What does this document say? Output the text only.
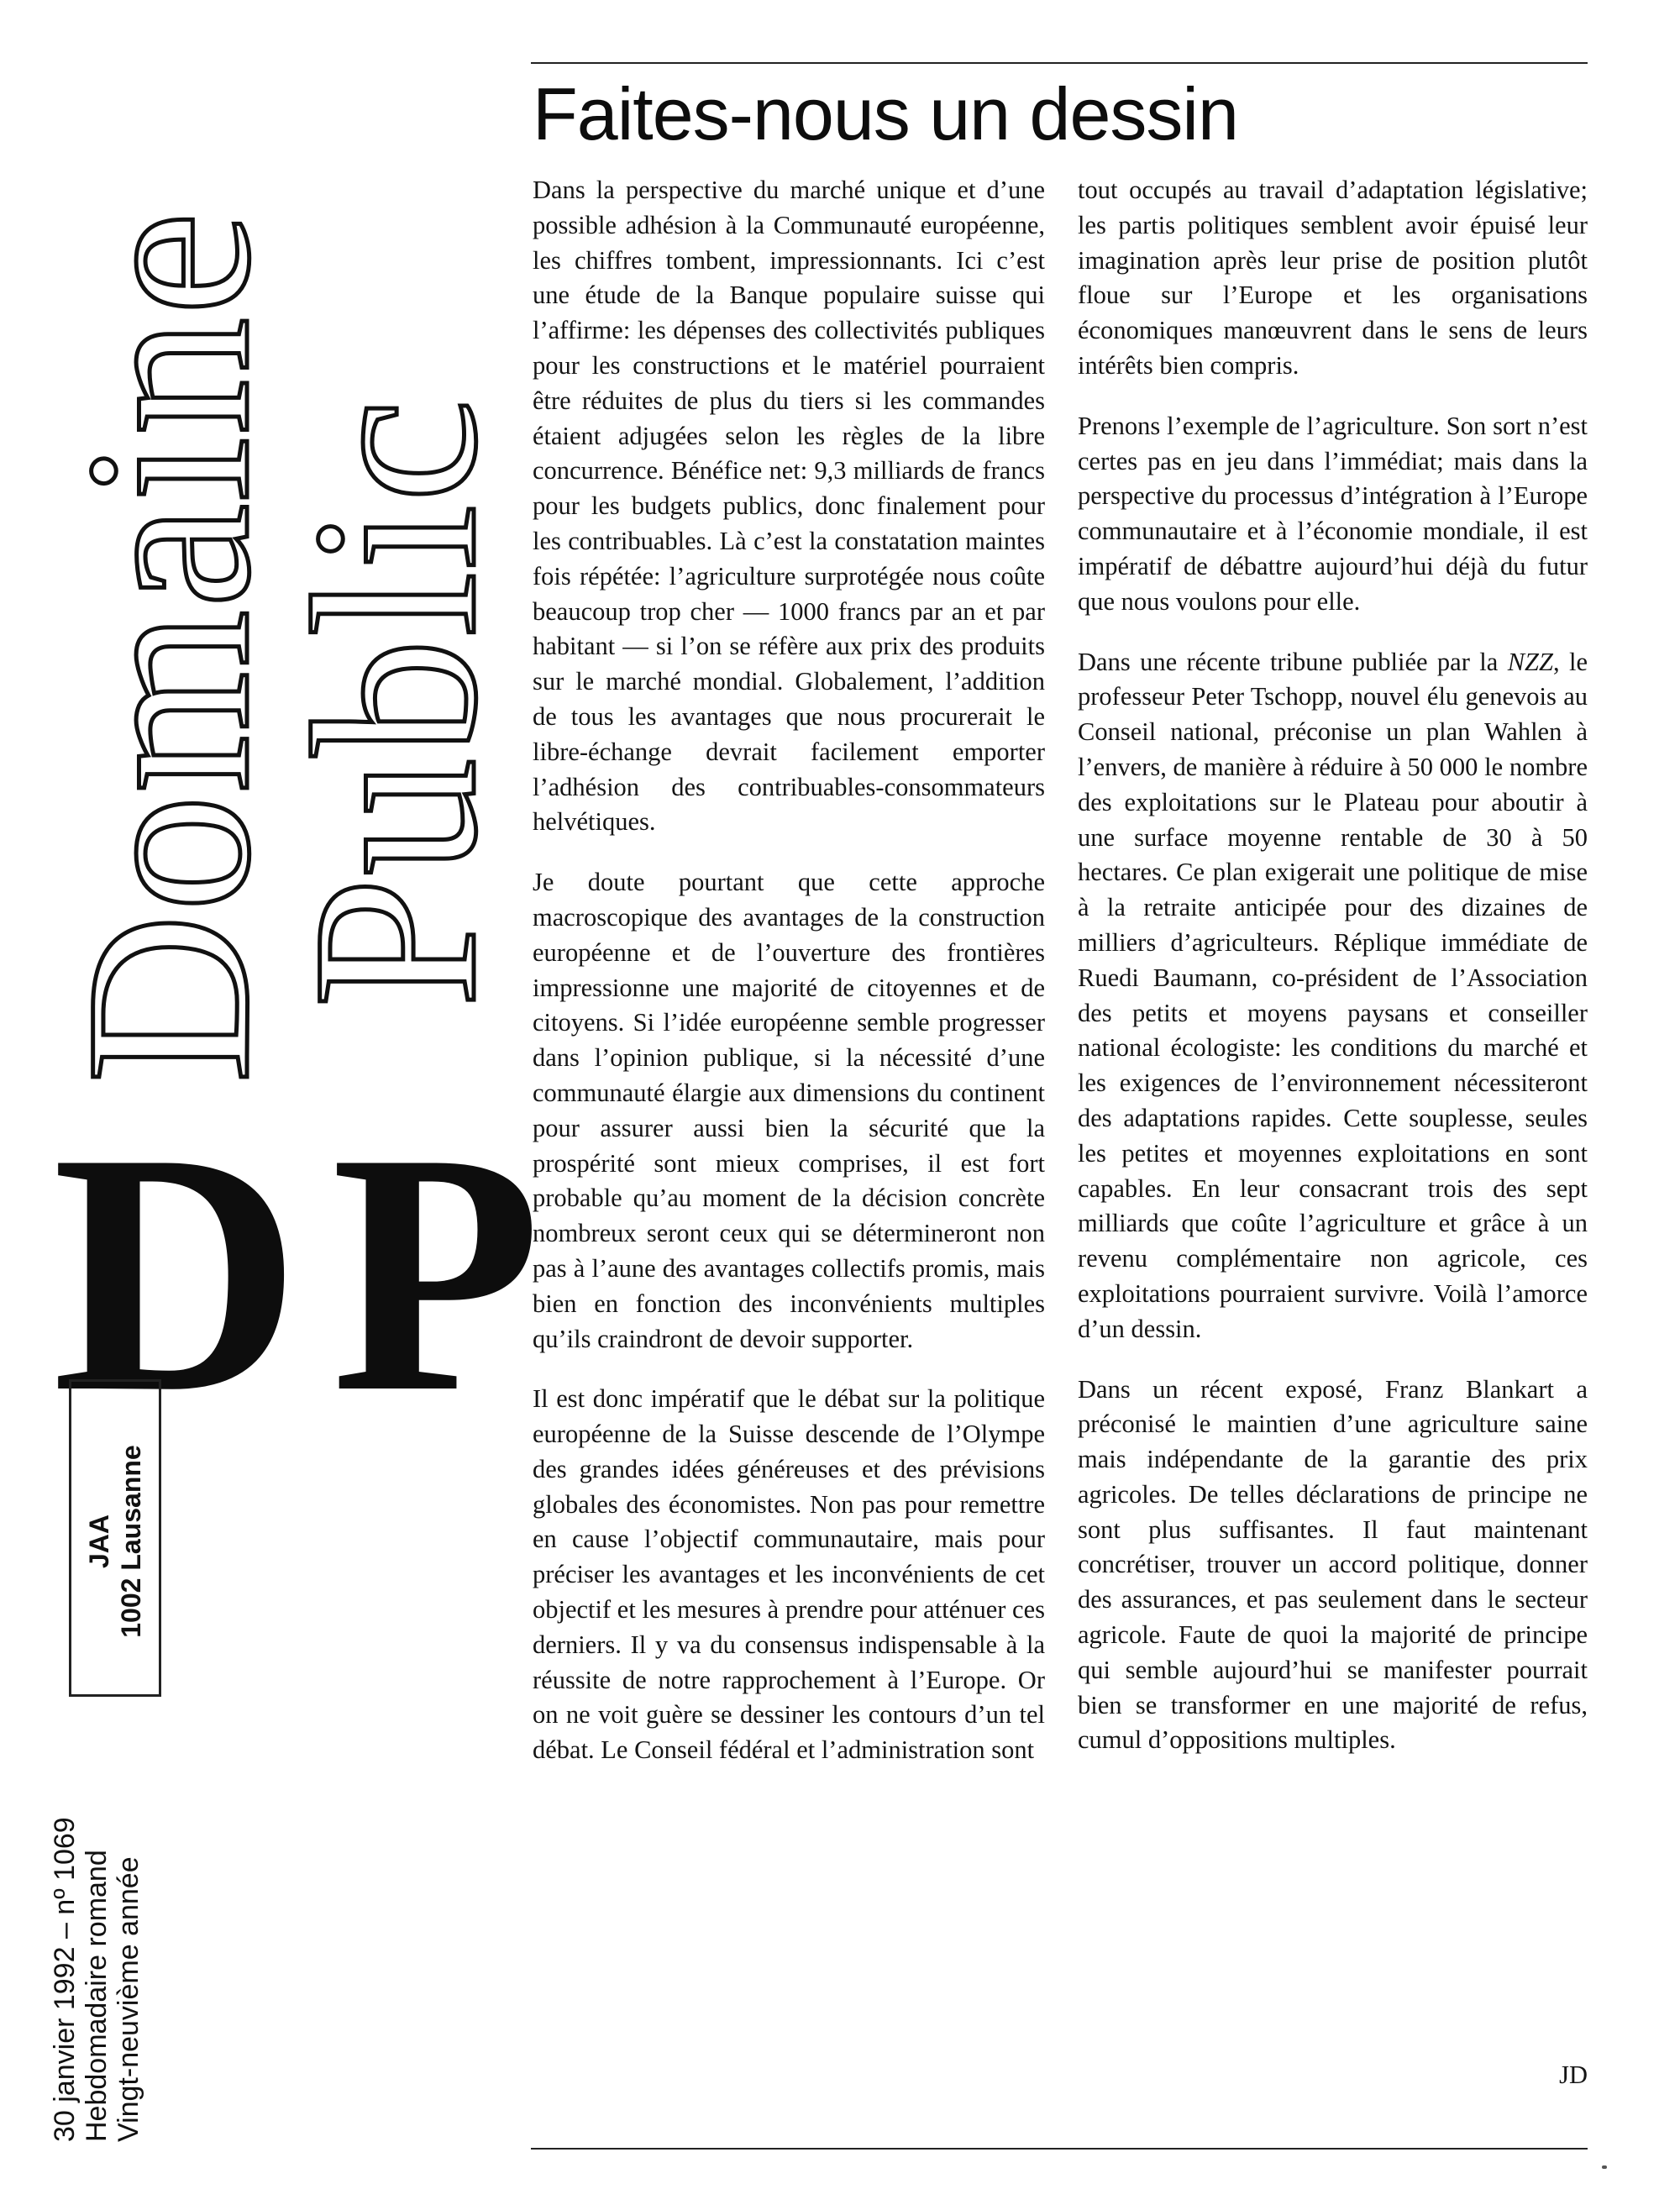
Domaine
Public
DP
JAA 1002 Lausanne
30 janvier 1992 – nº 1069 Hebdomadaire romand Vingt-neuvième année
Faites-nous un dessin

Dans la perspective du marché unique et d’une possible adhésion à la Communauté européenne, les chiffres tombent, impressionnants. Ici c’est une étude de la Banque populaire suisse qui l’affirme: les dépenses des collectivités publiques pour les constructions et le matériel pourraient être réduites de plus du tiers si les commandes étaient adjugées selon les règles de la libre concurrence. Bénéfice net: 9,3 milliards de francs pour les budgets publics, donc finalement pour les contribuables. Là c’est la constatation maintes fois répétée: l’agriculture surprotégée nous coûte beaucoup trop cher — 1000 francs par an et par habitant — si l’on se réfère aux prix des produits sur le marché mondial. Globalement, l’addition de tous les avantages que nous procurerait le libre-échange devrait facilement emporter l’adhésion des contribuables-consommateurs helvétiques.

Je doute pourtant que cette approche macroscopique des avantages de la construction européenne et de l’ouverture des frontières impressionne une majorité de citoyennes et de citoyens. Si l’idée européenne semble progresser dans l’opinion publique, si la nécessité d’une communauté élargie aux dimensions du continent pour assurer aussi bien la sécurité que la prospérité sont mieux comprises, il est fort probable qu’au moment de la décision concrète nombreux seront ceux qui se détermineront non pas à l’aune des avantages collectifs promis, mais bien en fonction des inconvénients multiples qu’ils craindront de devoir supporter.

Il est donc impératif que le débat sur la politique européenne de la Suisse descende de l’Olympe des grandes idées généreuses et des prévisions globales des économistes. Non pas pour remettre en cause l’objectif communautaire, mais pour préciser les avantages et les inconvénients de cet objectif et les mesures à prendre pour atténuer ces derniers. Il y va du consensus indispensable à la réussite de notre rapprochement à l’Europe. Or on ne voit guère se dessiner les contours d’un tel débat. Le Conseil fédéral et l’administration sont

tout occupés au travail d’adaptation législative; les partis politiques semblent avoir épuisé leur imagination après leur prise de position plutôt floue sur l’Europe et les organisations économiques manœuvrent dans le sens de leurs intérêts bien compris.

Prenons l’exemple de l’agriculture. Son sort n’est certes pas en jeu dans l’immédiat; mais dans la perspective du processus d’intégration à l’Europe communautaire et à l’économie mondiale, il est impératif de débattre aujourd’hui déjà du futur que nous voulons pour elle.

Dans une récente tribune publiée par la NZZ, le professeur Peter Tschopp, nouvel élu genevois au Conseil national, préconise un plan Wahlen à l’envers, de manière à réduire à 50 000 le nombre des exploitations sur le Plateau pour aboutir à une surface moyenne rentable de 30 à 50 hectares. Ce plan exigerait une politique de mise à la retraite anticipée pour des dizaines de milliers d’agriculteurs. Réplique immédiate de Ruedi Baumann, co-président de l’Association des petits et moyens paysans et conseiller national écologiste: les conditions du marché et les exigences de l’environnement nécessiteront des adaptations rapides. Cette souplesse, seules les petites et moyennes exploitations en sont capables. En leur consacrant trois des sept milliards que coûte l’agriculture et grâce à un revenu complémentaire non agricole, ces exploitations pourraient survivre. Voilà l’amorce d’un dessin.

Dans un récent exposé, Franz Blankart a préconisé le maintien d’une agriculture saine mais indépendante de la garantie des prix agricoles. De telles déclarations de principe ne sont plus suffisantes. Il faut maintenant concrétiser, trouver un accord politique, donner des assurances, et pas seulement dans le secteur agricole. Faute de quoi la majorité de principe qui semble aujourd’hui se manifester pourrait bien se transformer en une majorité de refus, cumul d’oppositions multiples.

JD
